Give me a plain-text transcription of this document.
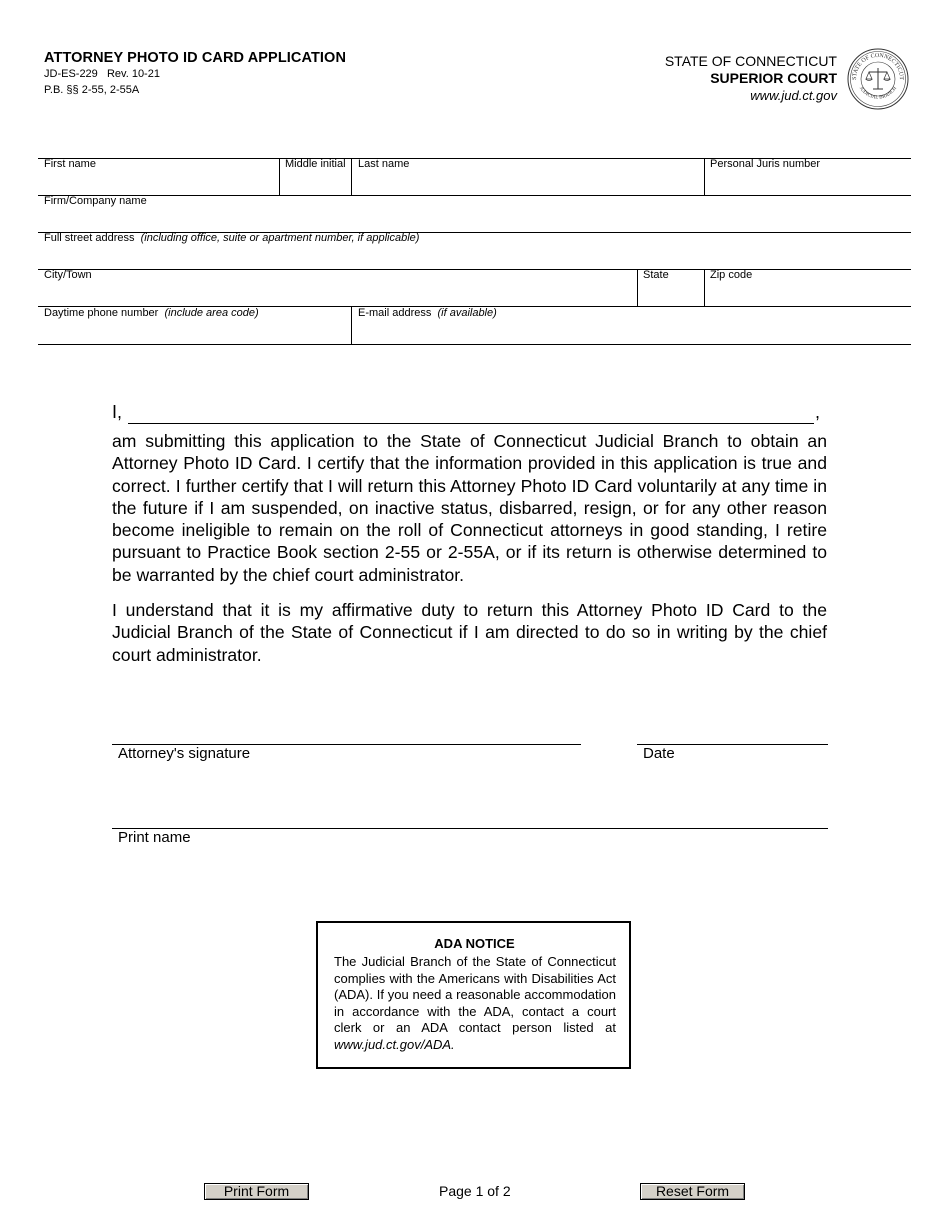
ATTORNEY PHOTO ID CARD APPLICATION
JD-ES-229   Rev. 10-21
P.B. §§ 2-55, 2-55A
STATE OF CONNECTICUT
SUPERIOR COURT
www.jud.ct.gov
STATE OF CONNECTICUT
JUDICIAL BRANCH
First name	Middle initial Last name	Personal Juris number
Firm/Company name
Full street address (including office, suite or apartment number, if applicable)
City/Town	State	Zip code
Daytime phone number (include area code)	E-mail address (if available)
I,	,
am submitting this application to the State of Connecticut Judicial Branch to obtain an Attorney Photo ID Card. I certify that the information provided in this application is true and correct. I further certify that I will return this Attorney Photo ID Card voluntarily at any time in the future if I am suspended, on inactive status, disbarred, resign, or for any other reason become ineligible to remain on the roll of Connecticut attorneys in good standing, I retire pursuant to Practice Book section 2-55 or 2-55A, or if its return is otherwise determined to be warranted by the chief court administrator.
I understand that it is my affirmative duty to return this Attorney Photo ID Card to the Judicial Branch of the State of Connecticut if I am directed to do so in writing by the chief court administrator.
Attorney's signature	Date
Print name
ADA NOTICE
The Judicial Branch of the State of Connecticut complies with the Americans with Disabilities Act (ADA). If you need a reasonable accommodation in accordance with the ADA, contact a court clerk or an ADA contact person listed at www.jud.ct.gov/ADA.
Print Form	Page 1 of 2	Reset Form
